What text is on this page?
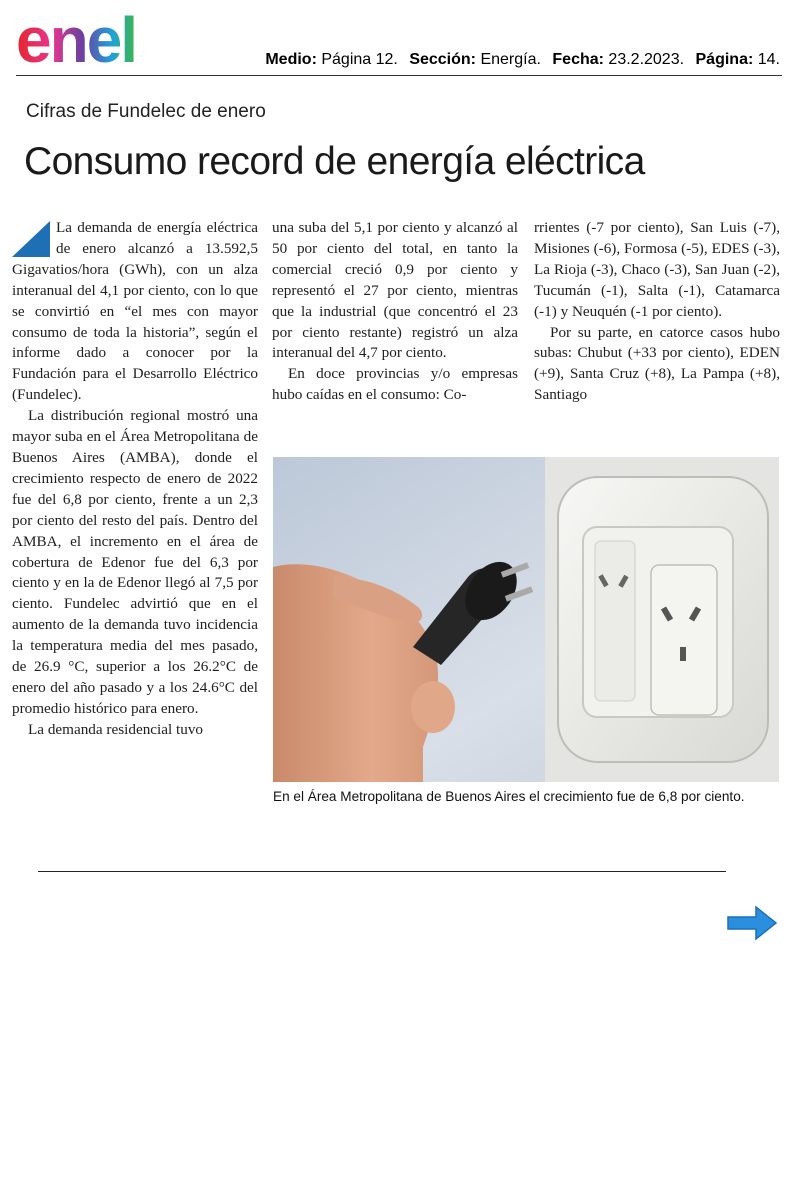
enel	Medio: Página 12. Sección: Energía. Fecha: 23.2.2023. Página: 14.
Cifras de Fundelec de enero
Consumo record de energía eléctrica

La demanda de energía eléctrica de enero alcanzó a 13.592,5 Gigavatios/hora (GWh), con un alza interanual del 4,1 por ciento, con lo que se convirtió en “el mes con mayor consumo de toda la historia”, según el informe dado a conocer por la Fundación para el Desarrollo Eléctrico (Fundelec).

La distribución regional mostró una mayor suba en el Área Metropolitana de Buenos Aires (AMBA), donde el crecimiento respecto de enero de 2022 fue del 6,8 por ciento, frente a un 2,3 por ciento del resto del país. Dentro del AMBA, el incremento en el área de cobertura de Edenor fue del 6,3 por ciento y en la de Edenor llegó al 7,5 por ciento. Fundelec advirtió que en el aumento de la demanda tuvo incidencia la temperatura media del mes pasado, de 26.9 °C, superior a los 26.2°C de enero del año pasado y a los 24.6°C del promedio histórico para enero.

La demanda residencial tuvo

una suba del 5,1 por ciento y alcanzó al 50 por ciento del total, en tanto la comercial creció 0,9 por ciento y representó el 27 por ciento, mientras que la industrial (que concentró el 23 por ciento restante) registró un alza interanual del 4,7 por ciento.

En doce provincias y/o empresas hubo caídas en el consumo: Co-

rrientes (-7 por ciento), San Luis (-7), Misiones (-6), Formosa (-5), EDES (-3), La Rioja (-3), Chaco (-3), San Juan (-2), Tucumán (-1), Salta (-1), Catamarca (-1) y Neuquén (-1 por ciento).

Por su parte, en catorce casos hubo subas: Chubut (+33 por ciento), EDEN (+9), Santa Cruz (+8), La Pampa (+8), Santiago

En el Área Metropolitana de Buenos Aires el crecimiento fue de 6,8 por ciento.
